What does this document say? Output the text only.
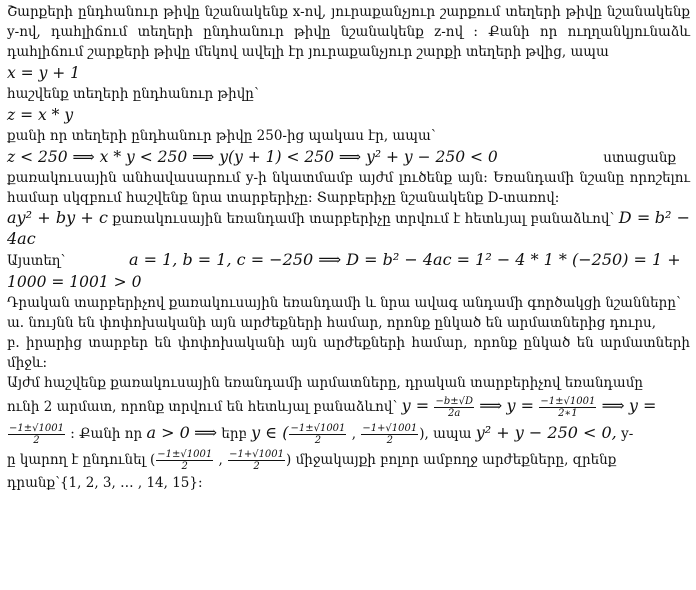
Շարքերի ընդհանուր թիվը նշանակենք x-ով, յուրաքանչյուր շարքում տեղերի թիվը նշանակենք y-ով, դահլիճում տեղերի ընդհանուր թիվը նշանակենք z-ով ։ Քանի որ ուղղանկյունաձև դահլիճում շարքերի թիվը մեկով ավելի էր յուրաքանչյուր շարքի տեղերի թվից, ապա

x = y + 1

հաշվենք տեղերի ընդհանուր թիվը՝

z = x * y

քանի որ տեղերի ընդհանուր թիվը 250-ից պակաս էր, ապա՝

z < 250 ⟹ x * y < 250 ⟹ y(y + 1) < 250 ⟹ y² + y − 250 < 0	ստացանք

քառակուսային անհավասարում y-ի նկատմամբ այժմ լուծենք այն։ Եռանդամի նշանը որոշելու համար սկզբում հաշվենք նրա տարբերիչը։ Տարբերիչը նշանակենք D-տառով։

ay² + by + c քառակուսային եռանդամի տարբերիչը տրվում է հետևյալ բանաձևով՝ D = b² − 4ac

Այստեղ՝	a = 1, b = 1, c = −250 ⟹ D = b² − 4ac = 1² − 4 * 1 * (−250) = 1 +

1000 = 1001 > 0

Դրական տարբերիչով քառակուսային եռանդամի և նրա ավագ անդամի գործակցի նշանները՝

ա. նույնն են փոփոխականի այն արժեքների համար, որոնք ընկած են արմատներից դուրս,

բ. իրարից տարբեր են փոփոխականի այն արժեքների համար, որոնք ընկած են արմատների միջև։

Այժմ հաշվենք քառակուսային եռանդամի արմատները, դրական տարբերիչով եռանդամը

ունի 2 արմատ, որոնք տրվում են հետևյալ բանաձևով՝ $y = \frac{-b\pm√D}{2a}$ ⟹ $y = \frac{-1\pm√1001}{2∗1}$ ⟹ y =

$\frac{-1\pm√1001}{2}$ ։ Քանի որ a > 0 ⟹ երբ y ∈ ( $\frac{-1\pm√1001}{2}$ , $\frac{-1+√1001}{2}$ ), ապա y² + y − 250 < 0, y-

ը կարող է ընդունել ( $\frac{-1\pm√1001}{2}$ , $\frac{-1+√1001}{2}$ ) միջակայքի բոլոր ամբողջ արժեքները, զրենք

դրանք՝{1, 2, 3, … , 14, 15}։
